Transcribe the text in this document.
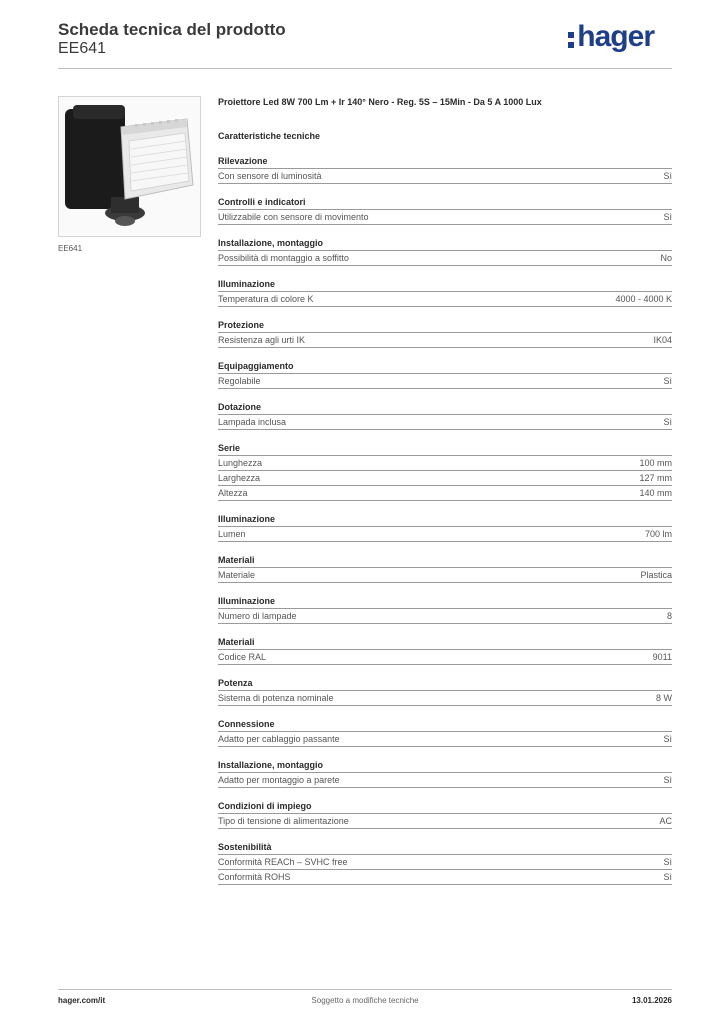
Scheda tecnica del prodotto
EE641	hager
EE641
Proiettore Led 8W 700 Lm + Ir 140° Nero - Reg. 5S – 15Min - Da 5 A 1000 Lux
Caratteristiche tecniche
Rilevazione
Con sensore di luminosità	Sì
Controlli e indicatori
Utilizzabile con sensore di movimento	Sì
Installazione, montaggio
Possibilità di montaggio a soffitto	No
Illuminazione
Temperatura di colore K	4000 - 4000 K
Protezione
Resistenza agli urti IK	IK04
Equipaggiamento
Regolabile	Sì
Dotazione
Lampada inclusa	Sì
Serie
Lunghezza	100 mm
Larghezza	127 mm
Altezza	140 mm
Illuminazione
Lumen	700 lm
Materiali
Materiale	Plastica
Illuminazione
Numero di lampade	8
Materiali
Codice RAL	9011
Potenza
Sistema di potenza nominale	8 W
Connessione
Adatto per cablaggio passante	Sì
Installazione, montaggio
Adatto per montaggio a parete	Sì
Condizioni di impiego
Tipo di tensione di alimentazione	AC
Sostenibilità
Conformità REACh – SVHC free	Sì
Conformità ROHS	Sì
hager.com/it	Soggetto a modifiche tecniche	13.01.2026
